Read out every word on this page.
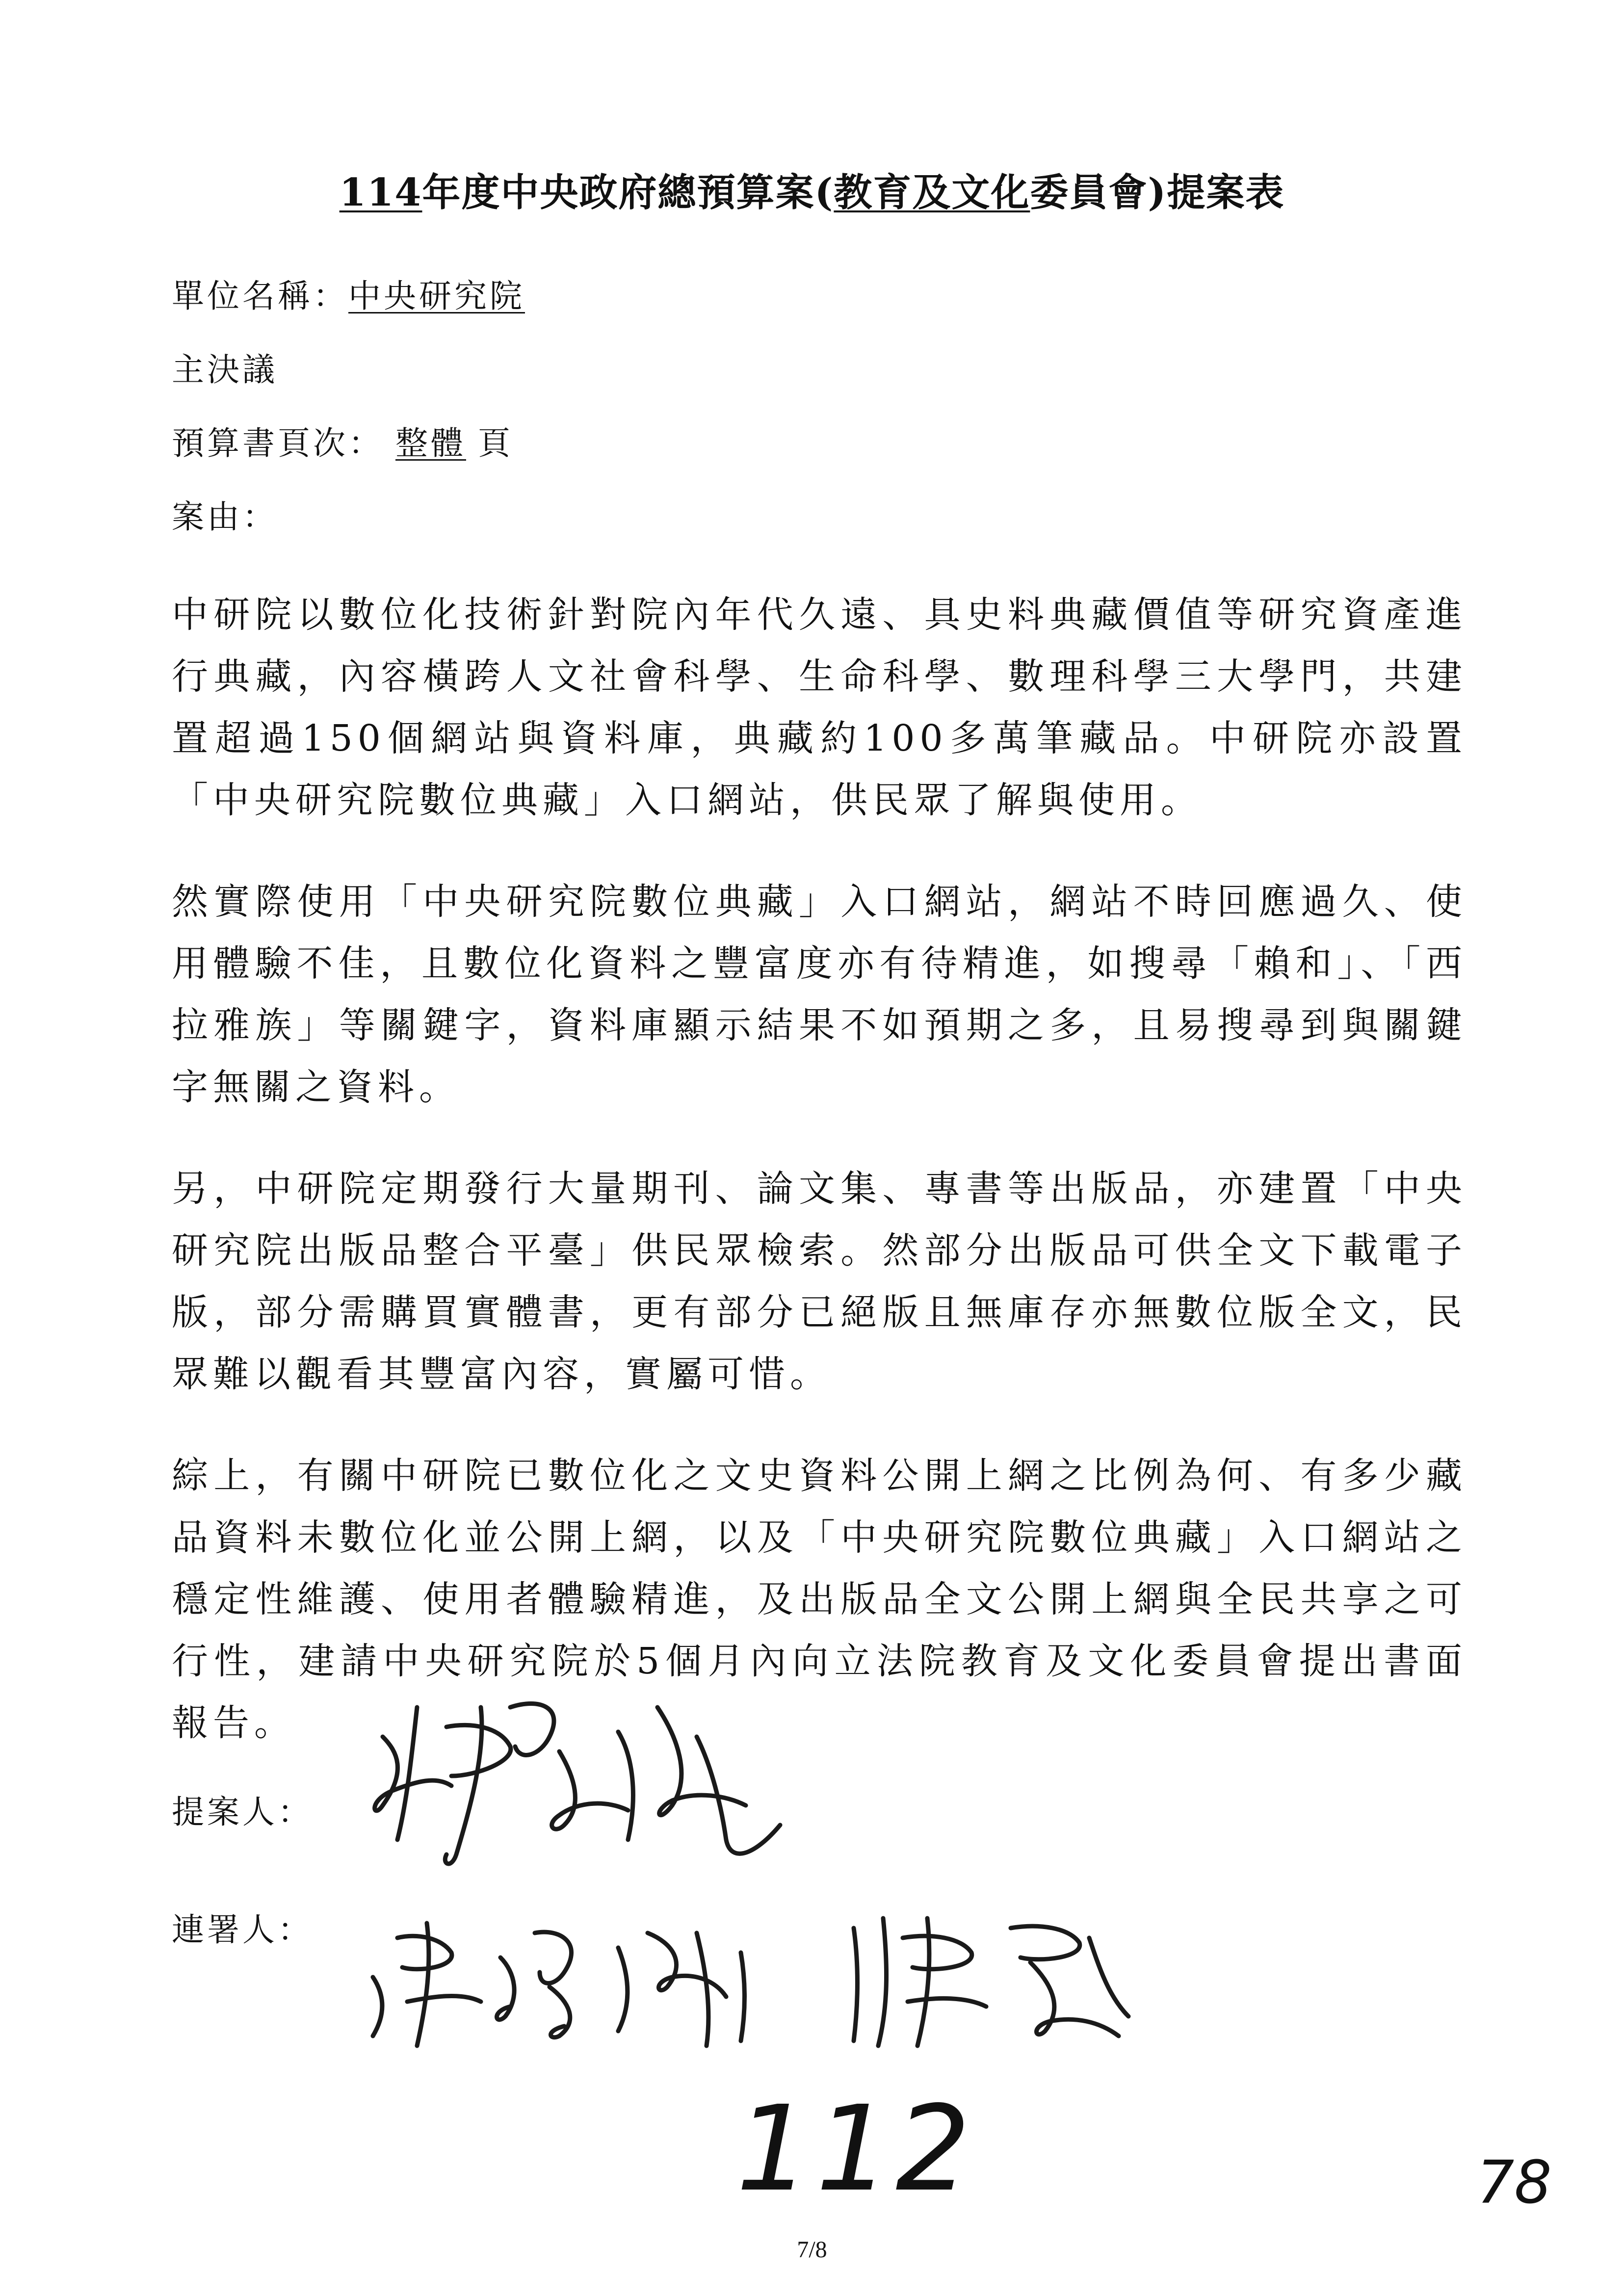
114年度中央政府總預算案(教育及文化委員會)提案表
單位名稱：中央研究院
主決議
預算書頁次： 整體 頁
案由：
中研院以數位化技術針對院內年代久遠、具史料典藏價值等研究資產進行典藏，內容橫跨人文社會科學、生命科學、數理科學三大學門，共建置超過150個網站與資料庫，典藏約100多萬筆藏品。中研院亦設置「中央研究院數位典藏」入口網站，供民眾了解與使用。
然實際使用「中央研究院數位典藏」入口網站，網站不時回應過久、使用體驗不佳，且數位化資料之豐富度亦有待精進，如搜尋「賴和」、「西拉雅族」等關鍵字，資料庫顯示結果不如預期之多，且易搜尋到與關鍵字無關之資料。
另，中研院定期發行大量期刊、論文集、專書等出版品，亦建置「中央研究院出版品整合平臺」供民眾檢索。然部分出版品可供全文下載電子版，部分需購買實體書，更有部分已絕版且無庫存亦無數位版全文，民眾難以觀看其豐富內容，實屬可惜。
綜上，有關中研院已數位化之文史資料公開上網之比例為何、有多少藏品資料未數位化並公開上網，以及「中央研究院數位典藏」入口網站之穩定性維護、使用者體驗精進，及出版品全文公開上網與全民共享之可行性，建請中央研究院於5個月內向立法院教育及文化委員會提出書面報告。
提案人：
連署人：
112	78
7/8
